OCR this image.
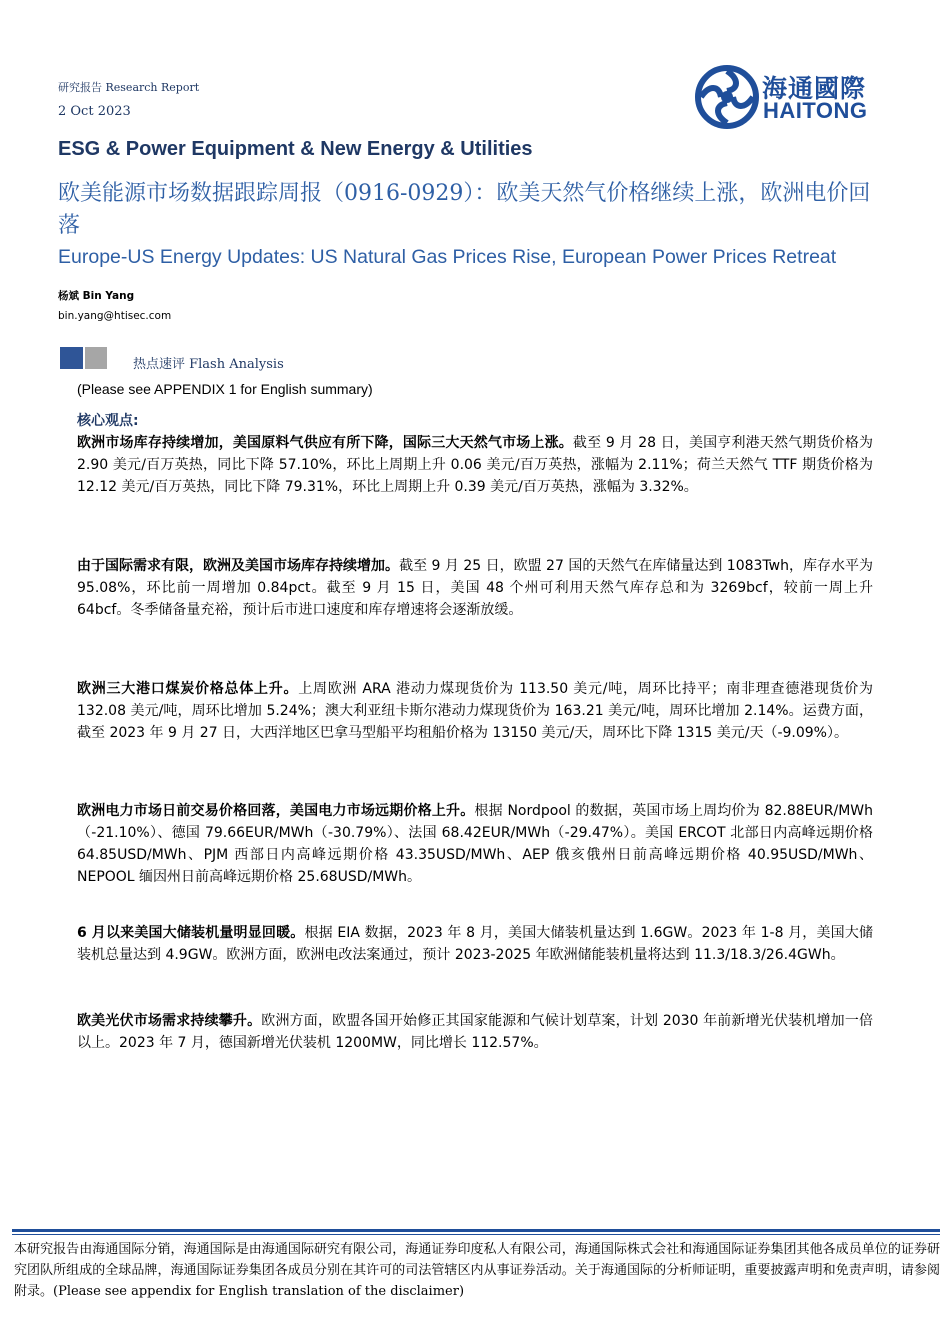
研究报告 Research Report
2 Oct 2023
海通國際
HAITONG
ESG & Power Equipment & New Energy & Utilities
欧美能源市场数据跟踪周报（0916-0929）：欧美天然气价格继续上涨，欧洲电价回落
Europe-US Energy Updates: US Natural Gas Prices Rise, European Power Prices Retreat
杨斌 Bin Yang
bin.yang@htisec.com
热点速评 Flash Analysis
(Please see APPENDIX 1 for English summary)
核心观点:
欧洲市场库存持续增加，美国原料气供应有所下降，国际三大天然气市场上涨。截至 9 月 28 日，美国亨利港天然气期货价格为 2.90 美元/百万英热，同比下降 57.10%，环比上周期上升 0.06 美元/百万英热，涨幅为 2.11%；荷兰天然气 TTF 期货价格为 12.12 美元/百万英热，同比下降 79.31%，环比上周期上升 0.39 美元/百万英热，涨幅为 3.32%。
由于国际需求有限，欧洲及美国市场库存持续增加。截至 9 月 25 日，欧盟 27 国的天然气在库储量达到 1083Twh，库存水平为 95.08%，环比前一周增加 0.84pct。截至 9 月 15 日，美国 48 个州可利用天然气库存总和为 3269bcf，较前一周上升 64bcf。冬季储备量充裕，预计后市进口速度和库存增速将会逐渐放缓。
欧洲三大港口煤炭价格总体上升。上周欧洲 ARA 港动力煤现货价为 113.50 美元/吨，周环比持平；南非理查德港现货价为 132.08 美元/吨，周环比增加 5.24%；澳大利亚纽卡斯尔港动力煤现货价为 163.21 美元/吨，周环比增加 2.14%。运费方面，截至 2023 年 9 月 27 日，大西洋地区巴拿马型船平均租船价格为 13150 美元/天，周环比下降 1315 美元/天（-9.09%）。
欧洲电力市场日前交易价格回落，美国电力市场远期价格上升。根据 Nordpool 的数据，英国市场上周均价为 82.88EUR/MWh（-21.10%）、德国 79.66EUR/MWh（-30.79%）、法国 68.42EUR/MWh（-29.47%）。美国 ERCOT 北部日内高峰远期价格 64.85USD/MWh、PJM 西部日内高峰远期价格 43.35USD/MWh、AEP 俄亥俄州日前高峰远期价格 40.95USD/MWh、NEPOOL 缅因州日前高峰远期价格 25.68USD/MWh。
6 月以来美国大储装机量明显回暖。根据 EIA 数据，2023 年 8 月，美国大储装机量达到 1.6GW。2023 年 1-8 月，美国大储装机总量达到 4.9GW。欧洲方面，欧洲电改法案通过，预计 2023-2025 年欧洲储能装机量将达到 11.3/18.3/26.4GWh。
欧美光伏市场需求持续攀升。欧洲方面，欧盟各国开始修正其国家能源和气候计划草案，计划 2030 年前新增光伏装机增加一倍以上。2023 年 7 月，德国新增光伏装机 1200MW，同比增长 112.57%。
本研究报告由海通国际分销，海通国际是由海通国际研究有限公司，海通证券印度私人有限公司，海通国际株式会社和海通国际证券集团其他各成员单位的证券研究团队所组成的全球品牌，海通国际证券集团各成员分别在其许可的司法管辖区内从事证券活动。关于海通国际的分析师证明，重要披露声明和免责声明，请参阅附录。(Please see appendix for English translation of the disclaimer)
